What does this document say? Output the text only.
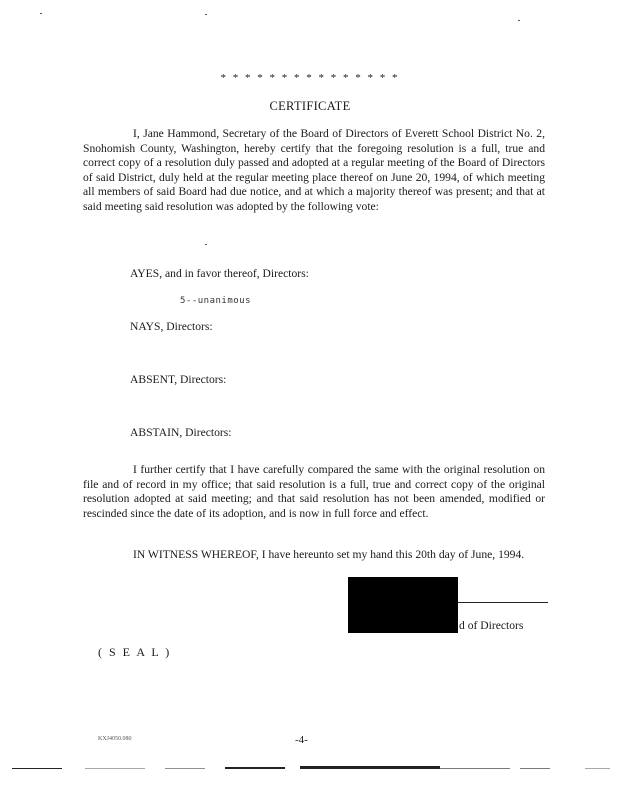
* * * * * * * * * * * * * * *
CERTIFICATE
I, Jane Hammond, Secretary of the Board of Directors of Everett School District No. 2, Snohomish County, Washington, hereby certify that the foregoing resolution is a full, true and correct copy of a resolution duly passed and adopted at a regular meeting of the Board of Directors of said District, duly held at the regular meeting place thereof on June 20, 1994, of which meeting all members of said Board had due notice, and at which a majority thereof was present; and that at said meeting said resolution was adopted by the following vote:
AYES, and in favor thereof, Directors:
5--unanimous
NAYS, Directors:
ABSENT, Directors:
ABSTAIN, Directors:
I further certify that I have carefully compared the same with the original resolution on file and of record in my office; that said resolution is a full, true and correct copy of the original resolution adopted at said meeting; and that said resolution has not been amended, modified or rescinded since the date of its adoption, and is now in full force and effect.
IN WITNESS WHEREOF, I have hereunto set my hand this 20th day of June, 1994.
d of Directors
( S E A L )
KXJ4050.080	-4-
